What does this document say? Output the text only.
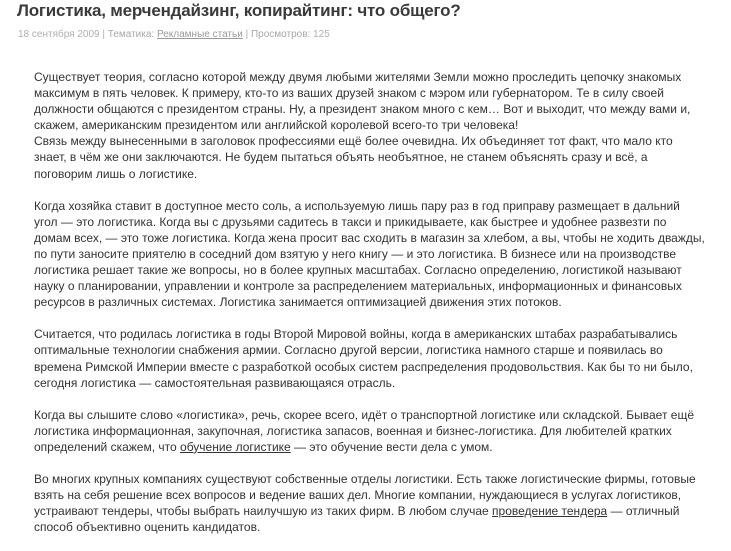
Логистика, мерчендайзинг, копирайтинг: что общего?
18 сентября 2009 | Тематика: Рекламные статьи | Просмотров: 125

Существует теория, согласно которой между двумя любыми жителями Земли можно проследить цепочку знакомых максимум в пять человек. К примеру, кто-то из ваших друзей знаком с мэром или губернатором. Те в силу своей должности общаются с президентом страны. Ну, а президент знаком много с кем… Вот и выходит, что между вами и, скажем, американским президентом или английской королевой всего-то три человека!
Связь между вынесенными в заголовок профессиями ещё более очевидна. Их объединяет тот факт, что мало кто знает, в чём же они заключаются. Не будем пытаться объять необъятное, не станем объяснять сразу и всё, а поговорим лишь о логистике.

Когда хозяйка ставит в доступное место соль, а используемую лишь пару раз в год приправу размещает в дальний угол — это логистика. Когда вы с друзьями садитесь в такси и прикидываете, как быстрее и удобнее развезти по домам всех, — это тоже логистика. Когда жена просит вас сходить в магазин за хлебом, а вы, чтобы не ходить дважды, по пути заносите приятелю в соседний дом взятую у него книгу — и это логистика. В бизнесе или на производстве логистика решает такие же вопросы, но в более крупных масштабах. Согласно определению, логистикой называют науку о планировании, управлении и контроле за распределением материальных, информационных и финансовых ресурсов в различных системах. Логистика занимается оптимизацией движения этих потоков.

Считается, что родилась логистика в годы Второй Мировой войны, когда в американских штабах разрабатывались оптимальные технологии снабжения армии. Согласно другой версии, логистика намного старше и появилась во времена Римской Империи вместе с разработкой особых систем распределения продовольствия. Как бы то ни было, сегодня логистика — самостоятельная развивающаяся отрасль.

Когда вы слышите слово «логистика», речь, скорее всего, идёт о транспортной логистике или складской. Бывает ещё логистика информационная, закупочная, логистика запасов, военная и бизнес-логистика. Для любителей кратких определений скажем, что обучение логистике — это обучение вести дела с умом.

Во многих крупных компаниях существуют собственные отделы логистики. Есть также логистические фирмы, готовые взять на себя решение всех вопросов и ведение ваших дел. Многие компании, нуждающиеся в услугах логистиков, устраивают тендеры, чтобы выбрать наилучшую из таких фирм. В любом случае проведение тендера — отличный способ объективно оценить кандидатов.
